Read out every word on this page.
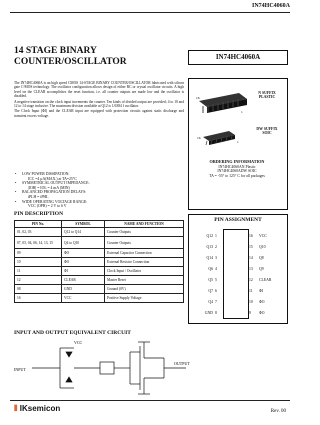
IN74HC4060A
14 STAGE BINARY
COUNTER/OSCILLATOR	IN74HC4060A

The IN74HC4060A is an high speed CMOS 14-STAGE BINARY COUNTER/OSCILLATOR fabricated with silicon gate C²MOS technology. The oscillator configuration allows design of either RC or crystal oscillator circuits. A high level on the CLEAR accomplishes the reset function, i.e. all counter outputs are made low and the oscillator is disabled.

A negative transition on the clock input increments the counter. Ten kinds of divided output are provided; 4 to 10 and 12 to 14 stage inclusive. The maximum division available at Q12 is 1/6384 f oscillator.

The Clock Input (ΦI) and the CLEAR input are equipped with protection circuits against static discharge and transient excess voltage.

• LOW POWER DISSIPATION:
ICC =4 µA(MAX.) at TA=25°C
• SYMMETRICAL OUTPUT IMPEDANCE:
|IOH| = IOL = 4 mA (MIN)
• BALANCED PROPAGATION DELAYS:
tPLH = tPHL
• WIDE OPERATING VOLTAGE RANGE:
VCC (OPR) = 2 V to 6 V
16
1
16
1
N SUFFIX
PLASTIC
DW SUFFIX
SOIC
ORDERING INFORMATION
IN74HC4060AN Plastic
IN74HC4060ADW SOIC
TA = -55° to 125° C for all packages
PIN DESCRIPTION
PIN No.	SYMBOL	NAME AND FUNCTION
01, 02, 03	Q12 to Q14	Counter Outputs
07, 05, 04, 06, 14, 13, 15	Q4 to Q10	Counter Outputs
09	ΦO	External Capacitor Connection
10	ΦO	External Resistor Connection
11	ΦI	Clock Input / Oscillator
12	CLEAR	Master Reset
08	GND	Ground (0V)
16	VCC	Positive Supply Voltage
PIN ASSIGNMENT
Q12 1	16	VCC
Q13 2	15	Q10
Q14 3	14	Q8
Q6 4	13	Q9
Q5 5	12	CLEAR
Q7 6	11	ΦI
Q4 7	10	ΦO
GND 8	9	ΦO
INPUT AND OUTPUT EQUIVALENT CIRCUIT
VCC
INPUT
OUTPUT
⦀ IKsemicon	Rev. 00
